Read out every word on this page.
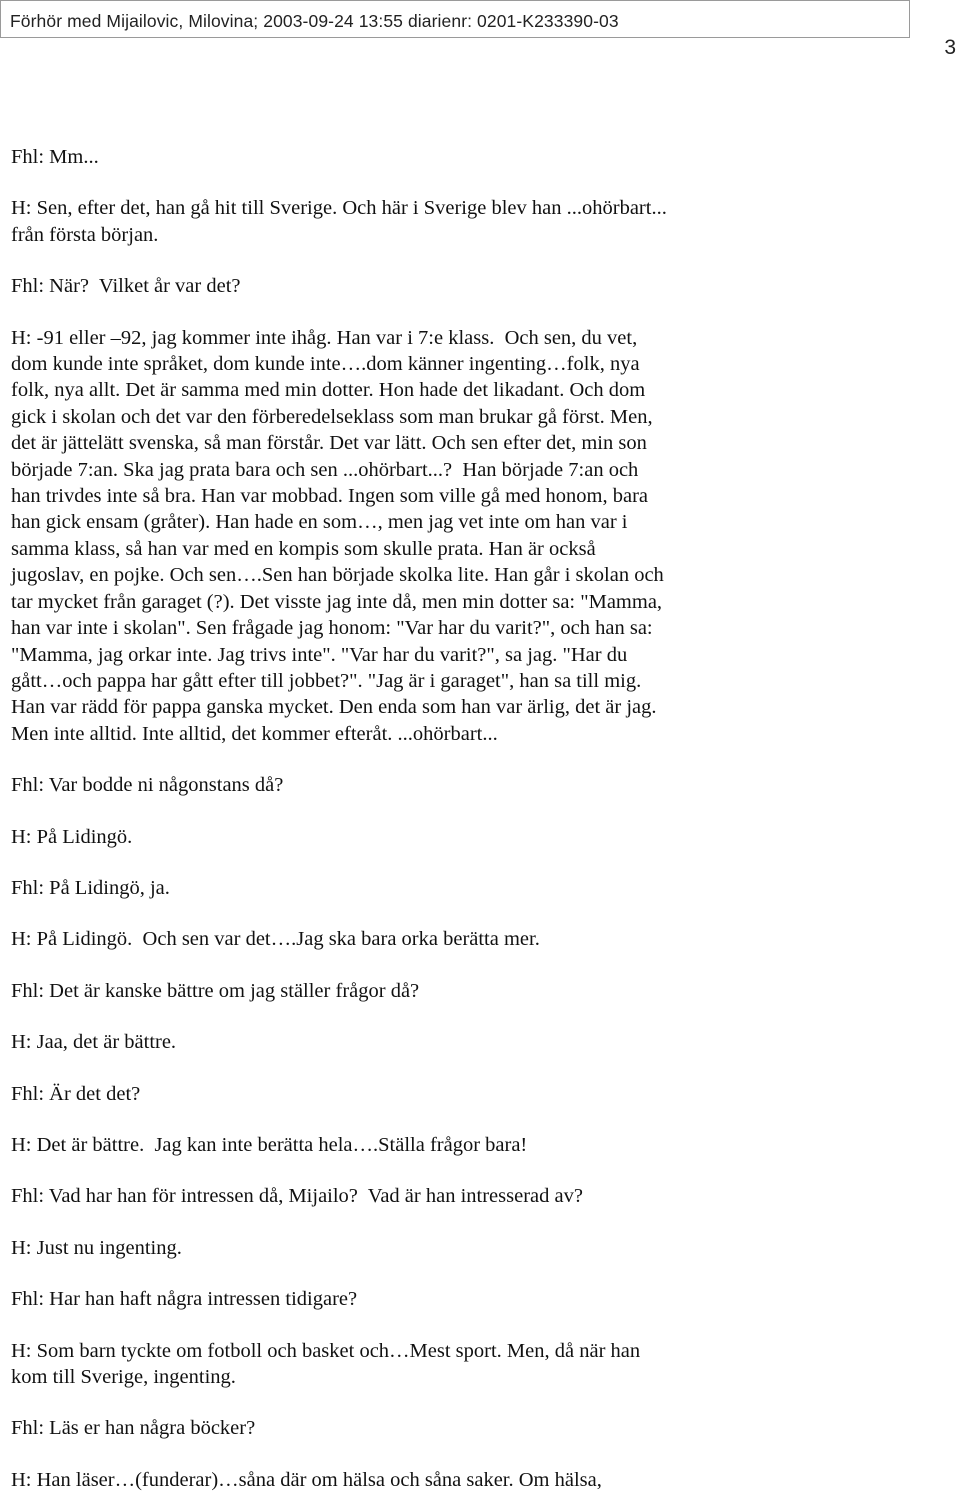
Förhör med Mijailovic, Milovina; 2003-09-24 13:55 diarienr: 0201-K233390-03
3

Fhl: Mm...

H: Sen, efter det, han gå hit till Sverige. Och här i Sverige blev han ...ohörbart...
från första början.

Fhl: När?  Vilket år var det?

H: -91 eller –92, jag kommer inte ihåg. Han var i 7:e klass.  Och sen, du vet,
dom kunde inte språket, dom kunde inte….dom känner ingenting…folk, nya
folk, nya allt. Det är samma med min dotter. Hon hade det likadant. Och dom
gick i skolan och det var den förberedelseklass som man brukar gå först. Men,
det är jättelätt svenska, så man förstår. Det var lätt. Och sen efter det, min son
började 7:an. Ska jag prata bara och sen ...ohörbart...?  Han började 7:an och
han trivdes inte så bra. Han var mobbad. Ingen som ville gå med honom, bara
han gick ensam (gråter). Han hade en som…, men jag vet inte om han var i
samma klass, så han var med en kompis som skulle prata. Han är också
jugoslav, en pojke. Och sen….Sen han började skolka lite. Han går i skolan och
tar mycket från garaget (?). Det visste jag inte då, men min dotter sa: "Mamma,
han var inte i skolan". Sen frågade jag honom: "Var har du varit?", och han sa:
"Mamma, jag orkar inte. Jag trivs inte". "Var har du varit?", sa jag. "Har du
gått…och pappa har gått efter till jobbet?". "Jag är i garaget", han sa till mig.
Han var rädd för pappa ganska mycket. Den enda som han var ärlig, det är jag.
Men inte alltid. Inte alltid, det kommer efteråt. ...ohörbart...

Fhl: Var bodde ni någonstans då?

H: På Lidingö.

Fhl: På Lidingö, ja.

H: På Lidingö.  Och sen var det….Jag ska bara orka berätta mer.

Fhl: Det är kanske bättre om jag ställer frågor då?

H: Jaa, det är bättre.

Fhl: Är det det?

H: Det är bättre.  Jag kan inte berätta hela….Ställa frågor bara!

Fhl: Vad har han för intressen då, Mijailo?  Vad är han intresserad av?

H: Just nu ingenting.

Fhl: Har han haft några intressen tidigare?

H: Som barn tyckte om fotboll och basket och…Mest sport. Men, då när han
kom till Sverige, ingenting.

Fhl: Läs er han några böcker?

H: Han läser…(funderar)…såna där om hälsa och såna saker. Om hälsa,
